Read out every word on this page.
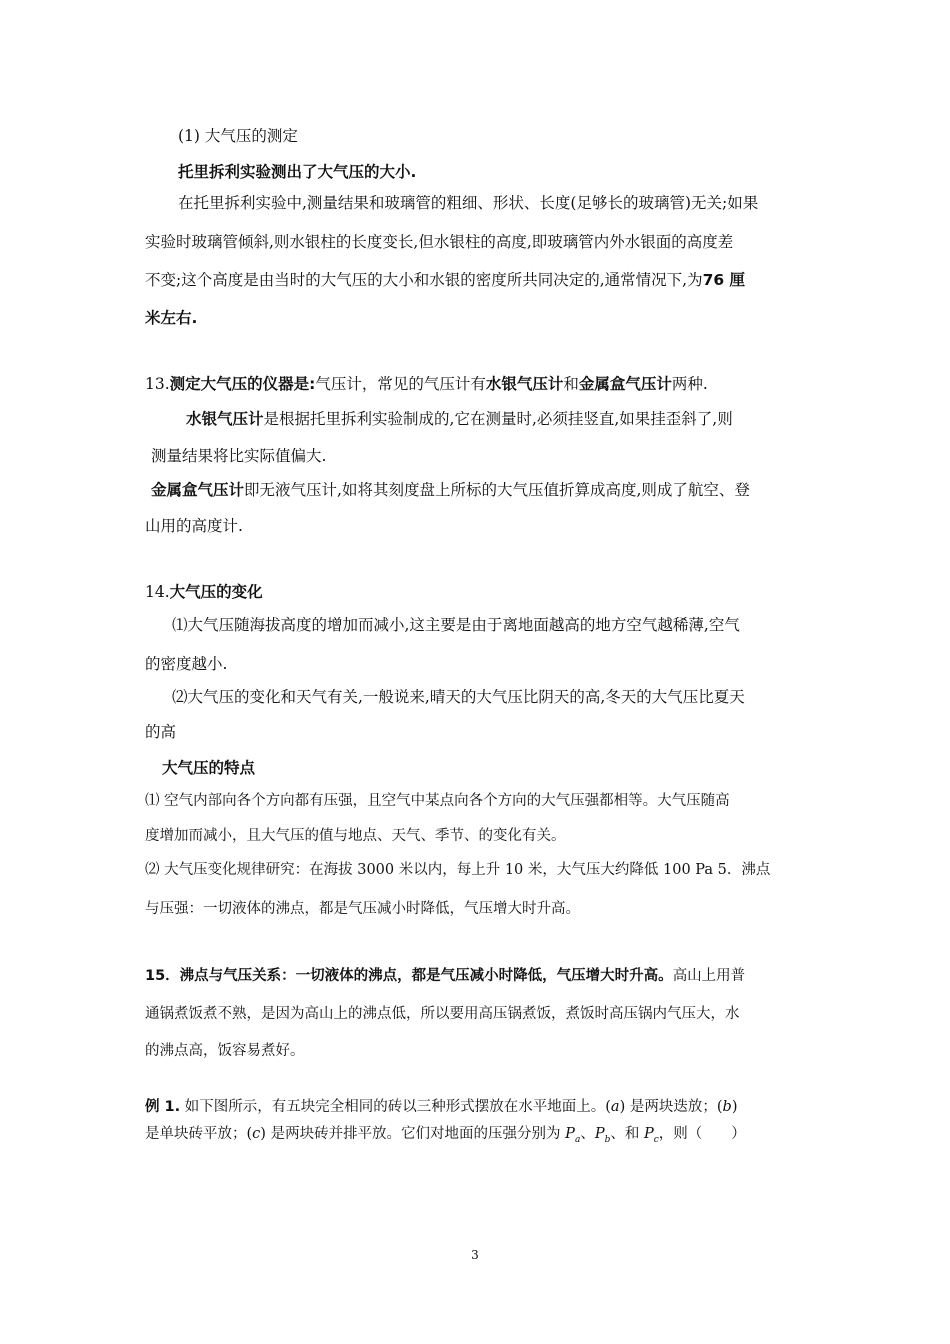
(1) 大气压的测定
托里拆利实验测出了大气压的大小.
在托里拆利实验中,测量结果和玻璃管的粗细、形状、长度(足够长的玻璃管)无关;如果
实验时玻璃管倾斜,则水银柱的长度变长,但水银柱的高度,即玻璃管内外水银面的高度差
不变;这个高度是由当时的大气压的大小和水银的密度所共同决定的,通常情况下,为76 厘
米左右.
13.测定大气压的仪器是:气压计，常见的气压计有水银气压计和金属盒气压计两种.
水银气压计是根据托里拆利实验制成的,它在测量时,必须挂竖直,如果挂歪斜了,则
测量结果将比实际值偏大.
金属盒气压计即无液气压计,如将其刻度盘上所标的大气压值折算成高度,则成了航空、登
山用的高度计.
14.大气压的变化
⑴大气压随海拔高度的增加而减小,这主要是由于离地面越高的地方空气越稀薄,空气
的密度越小.
⑵大气压的变化和天气有关,一般说来,晴天的大气压比阴天的高,冬天的大气压比夏天
的高
大气压的特点
⑴ 空气内部向各个方向都有压强，且空气中某点向各个方向的大气压强都相等。大气压随高
度增加而减小，且大气压的值与地点、天气、季节、的变化有关。
⑵ 大气压变化规律研究：在海拔 3000 米以内，每上升 10 米，大气压大约降低 100 Pa 5．沸点
与压强：一切液体的沸点，都是气压减小时降低，气压增大时升高。
15．沸点与气压关系：一切液体的沸点，都是气压减小时降低，气压增大时升高。高山上用普
通锅煮饭煮不熟，是因为高山上的沸点低，所以要用高压锅煮饭，煮饭时高压锅内气压大，水
的沸点高，饭容易煮好。
例 1. 如下图所示，有五块完全相同的砖以三种形式摆放在水平地面上。(a) 是两块迭放；(b)
是单块砖平放；(c) 是两块砖并排平放。它们对地面的压强分别为 $P_a$、$P_b$、和 $P_c$，则（　　）
3
